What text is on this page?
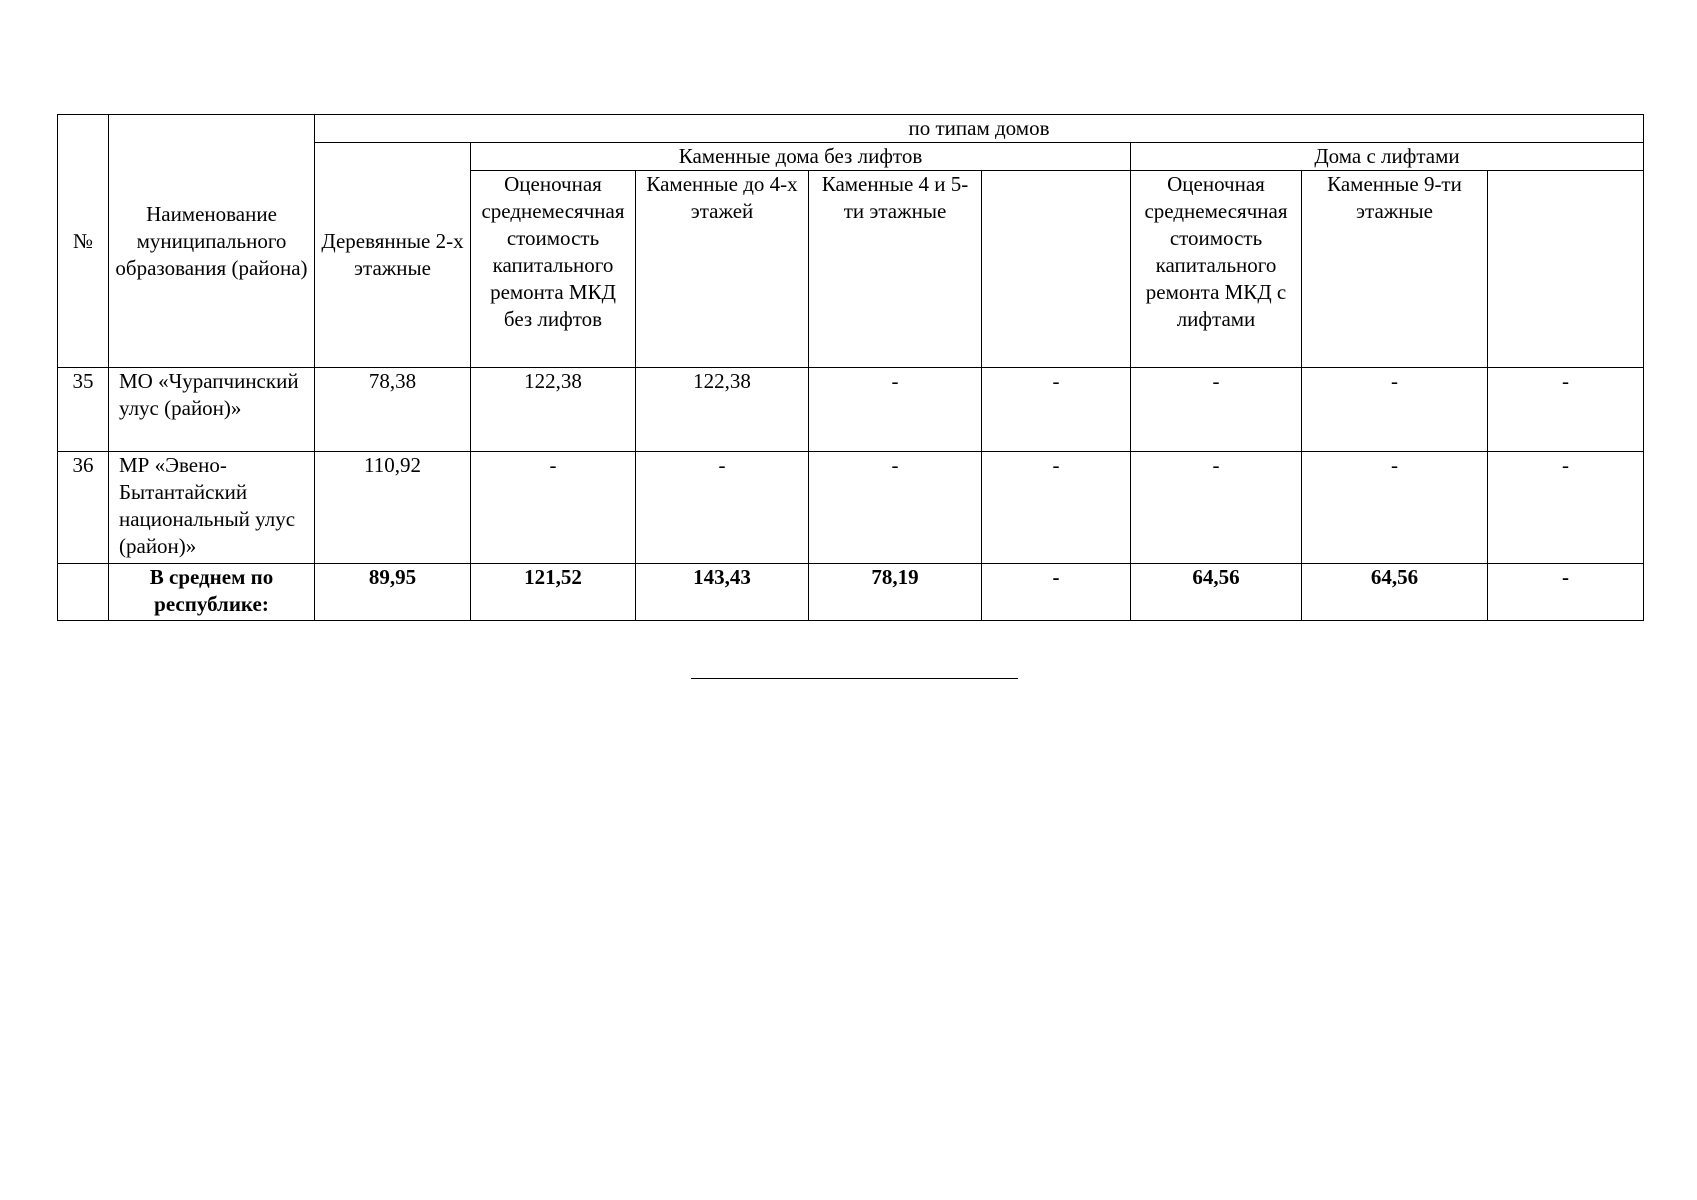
№	Наименование муниципального образования (района)	по типам домов							
		Деревянные 2-х этажные	Каменные дома без лифтов				Дома с лифтами		
			Оценочная среднемесячная стоимость капитального ремонта МКД без лифтов	Каменные до 4-х этажей	Каменные 4 и 5-ти этажные		Оценочная среднемесячная стоимость капитального ремонта МКД с лифтами	Каменные 9-ти этажные	
35	МО «Чурапчинский улус (район)»	78,38	122,38	122,38	-	-	-	-	-
36	МР «Эвено-Бытантайский национальный улус (район)»	110,92	-	-	-	-	-	-	-
	В среднем по республике:	89,95	121,52	143,43	78,19	-	64,56	64,56	-
